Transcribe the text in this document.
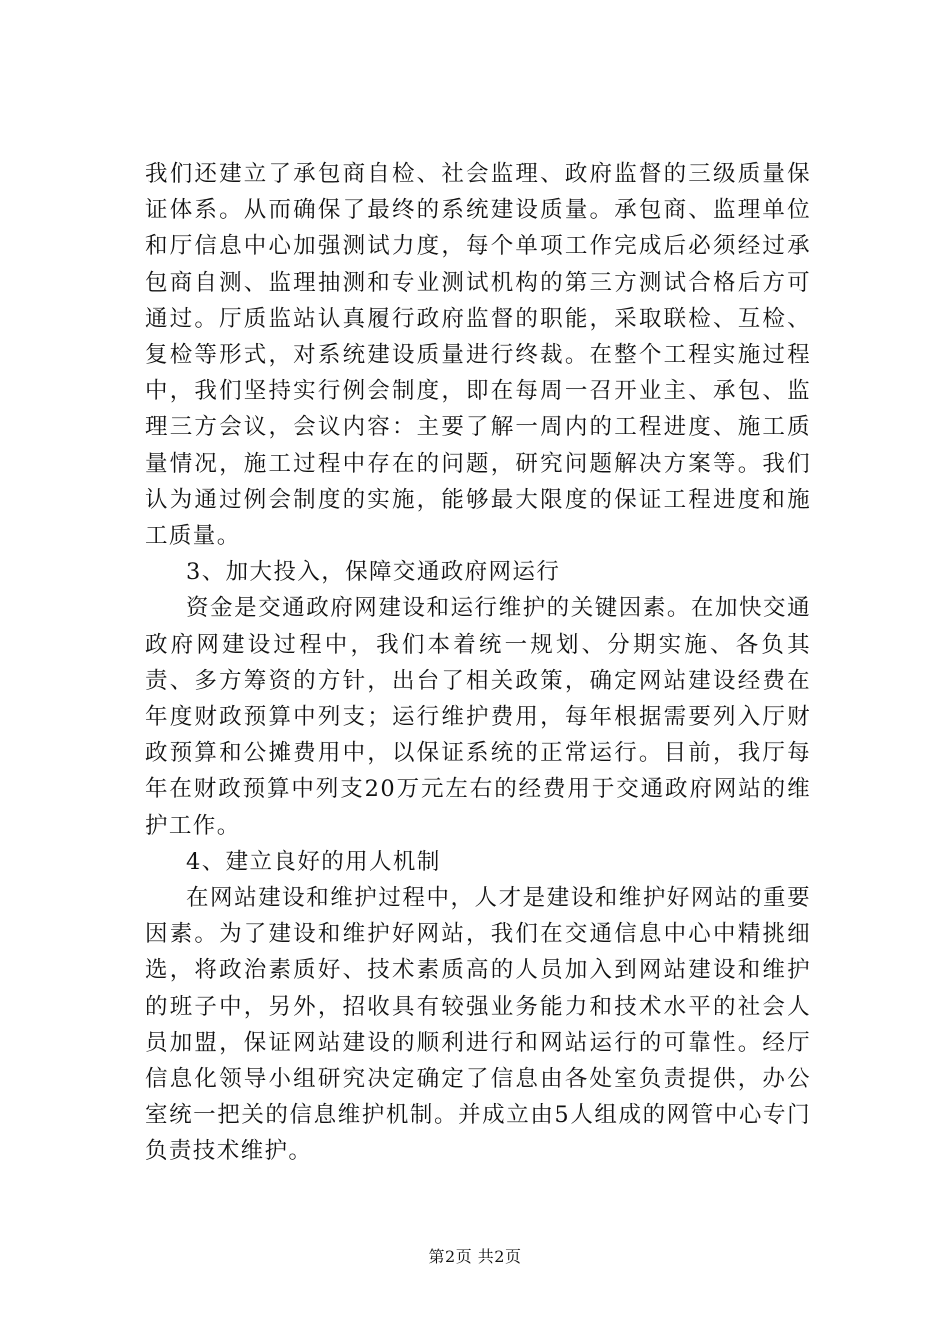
我们还建立了承包商自检、社会监理、政府监督的三级质量保证体系。从而确保了最终的系统建设质量。承包商、监理单位和厅信息中心加强测试力度，每个单项工作完成后必须经过承包商自测、监理抽测和专业测试机构的第三方测试合格后方可通过。厅质监站认真履行政府监督的职能，采取联检、互检、复检等形式，对系统建设质量进行终裁。在整个工程实施过程中，我们坚持实行例会制度，即在每周一召开业主、承包、监理三方会议，会议内容：主要了解一周内的工程进度、施工质量情况，施工过程中存在的问题，研究问题解决方案等。我们认为通过例会制度的实施，能够最大限度的保证工程进度和施工质量。

3、加大投入，保障交通政府网运行

资金是交通政府网建设和运行维护的关键因素。在加快交通政府网建设过程中，我们本着统一规划、分期实施、各负其责、多方筹资的方针，出台了相关政策，确定网站建设经费在年度财政预算中列支；运行维护费用，每年根据需要列入厅财政预算和公摊费用中，以保证系统的正常运行。目前，我厅每年在财政预算中列支20万元左右的经费用于交通政府网站的维护工作。

4、建立良好的用人机制

在网站建设和维护过程中，人才是建设和维护好网站的重要因素。为了建设和维护好网站，我们在交通信息中心中精挑细选，将政治素质好、技术素质高的人员加入到网站建设和维护的班子中，另外，招收具有较强业务能力和技术水平的社会人员加盟，保证网站建设的顺利进行和网站运行的可靠性。经厅信息化领导小组研究决定确定了信息由各处室负责提供，办公室统一把关的信息维护机制。并成立由5人组成的网管中心专门负责技术维护。

第2页 共2页
